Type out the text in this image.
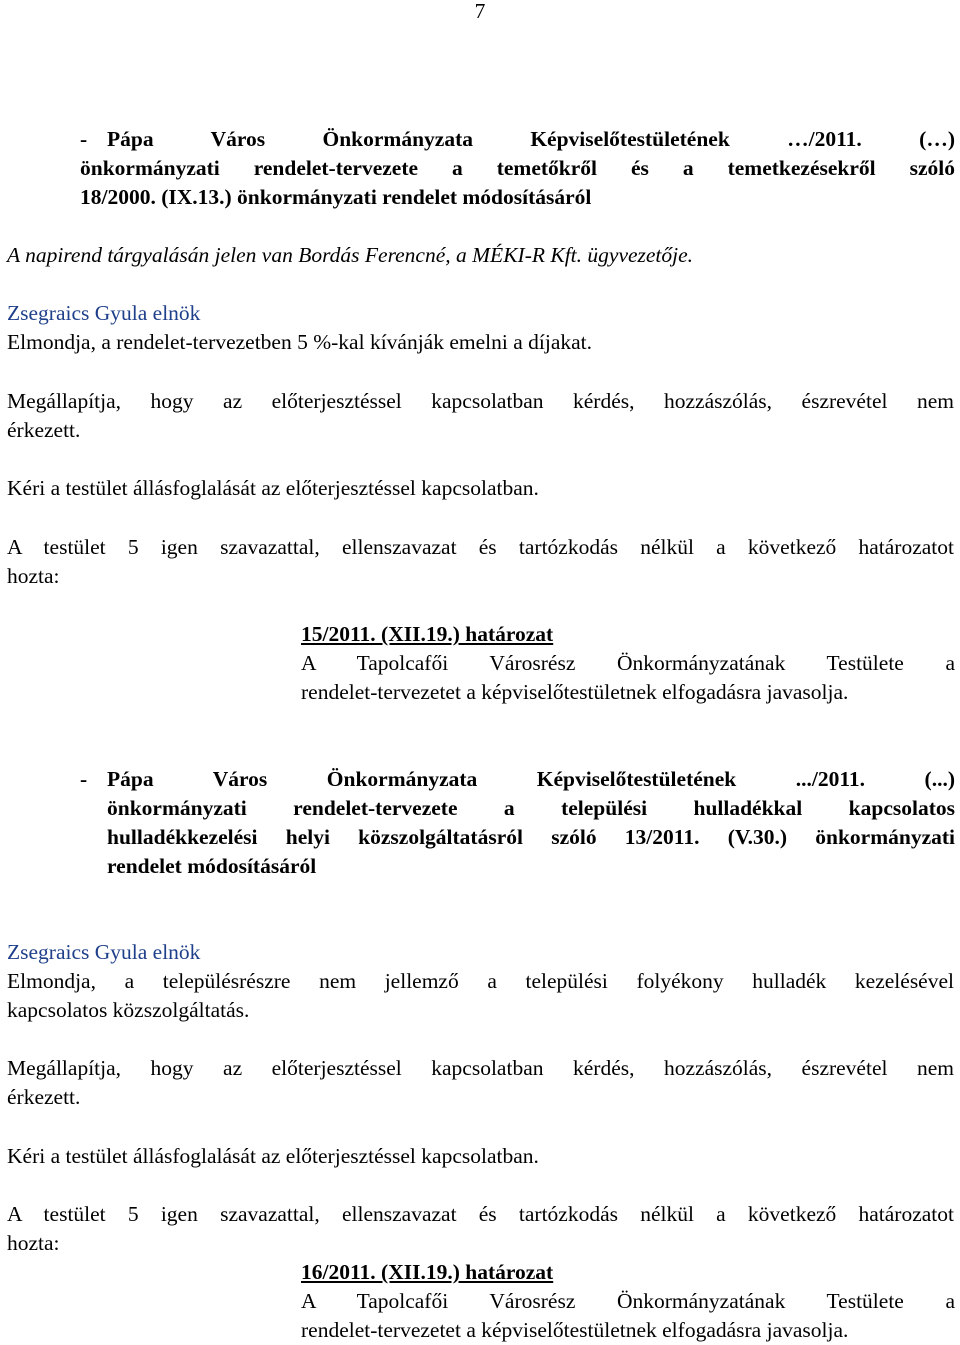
7
- Pápa Város Önkormányzata Képviselőtestületének …/2011. (…)
önkormányzati rendelet-tervezete a temetőkről és a temetkezésekről szóló
18/2000. (IX.13.) önkormányzati rendelet módosításáról
A napirend tárgyalásán jelen van Bordás Ferencné, a MÉKI-R Kft. ügyvezetője.
Zsegraics Gyula elnök
Elmondja, a rendelet-tervezetben 5 %-kal kívánják emelni a díjakat.
Megállapítja, hogy az előterjesztéssel kapcsolatban kérdés, hozzászólás, észrevétel nem
érkezett.
Kéri a testület állásfoglalását az előterjesztéssel kapcsolatban.
A testület 5 igen szavazattal, ellenszavazat és tartózkodás nélkül a következő határozatot
hozta:
15/2011. (XII.19.) határozat
A Tapolcafői Városrész Önkormányzatának Testülete a
rendelet-tervezetet a képviselőtestületnek elfogadásra javasolja.
- Pápa Város Önkormányzata Képviselőtestületének .../2011. (...)
önkormányzati rendelet-tervezete a települési hulladékkal kapcsolatos
hulladékkezelési helyi közszolgáltatásról szóló 13/2011. (V.30.) önkormányzati
rendelet módosításáról
Zsegraics Gyula elnök
Elmondja, a településrészre nem jellemző a települési folyékony hulladék kezelésével
kapcsolatos közszolgáltatás.
Megállapítja, hogy az előterjesztéssel kapcsolatban kérdés, hozzászólás, észrevétel nem
érkezett.
Kéri a testület állásfoglalását az előterjesztéssel kapcsolatban.
A testület 5 igen szavazattal, ellenszavazat és tartózkodás nélkül a következő határozatot
hozta:
16/2011. (XII.19.) határozat
A Tapolcafői Városrész Önkormányzatának Testülete a
rendelet-tervezetet a képviselőtestületnek elfogadásra javasolja.
